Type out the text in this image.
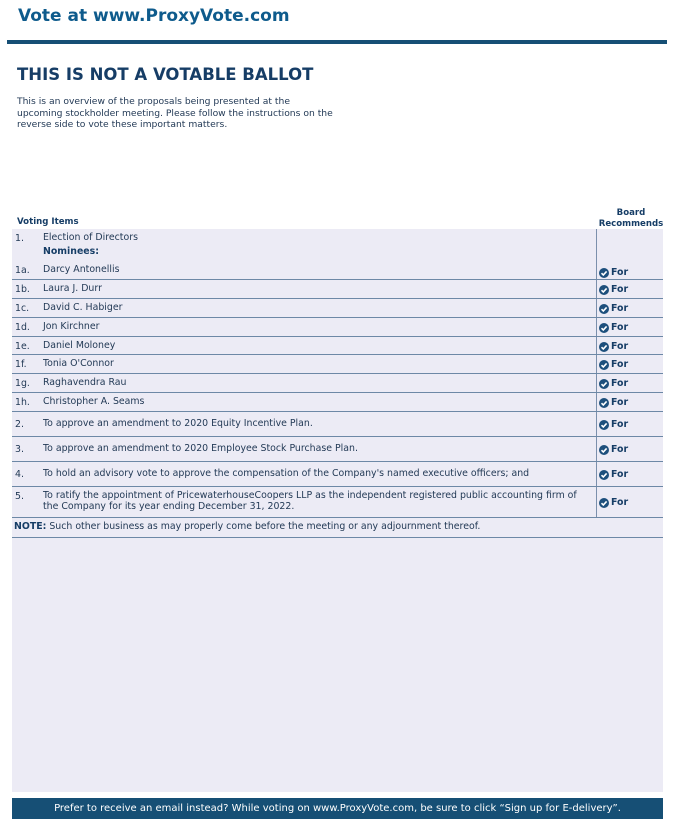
Vote at www.ProxyVote.com
THIS IS NOT A VOTABLE BALLOT
This is an overview of the proposals being presented at the upcoming stockholder meeting. Please follow the instructions on the reverse side to vote these important matters.
Voting Items
Board
Recommends
1. Election of Directors
Nominees:
1a. Darcy Antonellis	For
1b. Laura J. Durr	For
1c. David C. Habiger	For
1d. Jon Kirchner	For
1e. Daniel Moloney	For
1f. Tonia O'Connor	For
1g. Raghavendra Rau	For
1h. Christopher A. Seams	For
2. To approve an amendment to 2020 Equity Incentive Plan.	For
3. To approve an amendment to 2020 Employee Stock Purchase Plan.	For
4. To hold an advisory vote to approve the compensation of the Company's named executive officers; and	For
5. To ratify the appointment of PricewaterhouseCoopers LLP as the independent registered public accounting firm of the Company for its year ending December 31, 2022.	For
NOTE: Such other business as may properly come before the meeting or any adjournment thereof.
Prefer to receive an email instead? While voting on www.ProxyVote.com, be sure to click “Sign up for E-delivery”.
